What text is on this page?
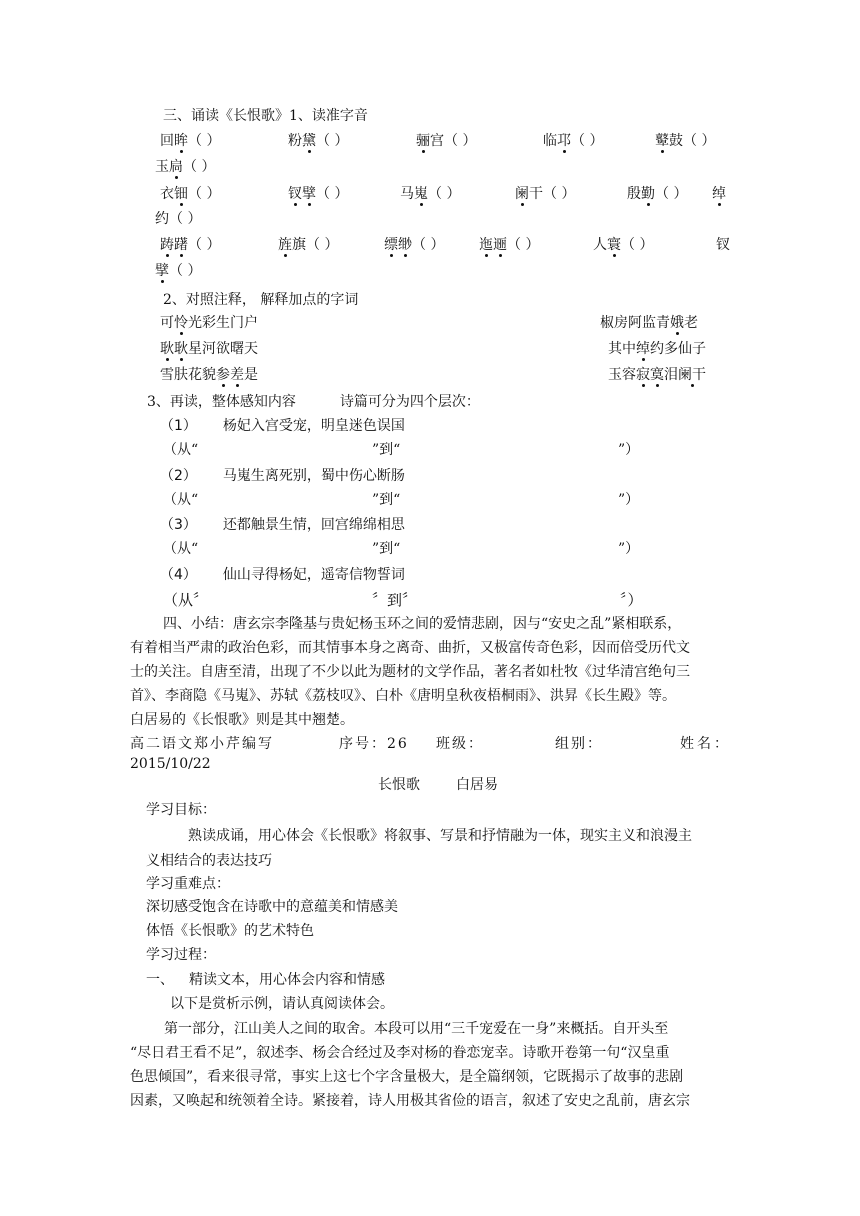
三、诵读《长恨歌》1、读准字音
回眸（ ）	粉黛（ ）	骊宫（ ）	临邛（ ）	鼙鼓（ ）
玉扃（ ）
衣钿（ ）	钗擘（ ）	马嵬（ ）	阑干（ ）	殷勤（ ） 绰
约（ ）
踌躇（ ）	旌旗（ ）	缥缈（ ） 迤逦（ ）	人寰（ ）	钗
擘（ ）
2、对照注释， 解释加点的字词
可怜光彩生门户	椒房阿监青娥老
耿耿星河欲曙天	其中绰约多仙子
雪肤花貌参差是	玉容寂寞泪阑干
3、再读，整体感知内容	诗篇可分为四个层次：
（1） 杨妃入宫受宠，明皇迷色误国
（从“	”到“	”）
（2） 马嵬生离死别，蜀中伤心断肠
（从“	”到“	”）
（3） 还都触景生情，回宫绵绵相思
（从“	”到“	”）
（4） 仙山寻得杨妃，遥寄信物誓词
（从〞	〞到〞	〞）
四、小结：唐玄宗李隆基与贵妃杨玉环之间的爱情悲剧，因与“安史之乱”紧相联系，
有着相当严肃的政治色彩，而其情事本身之离奇、曲折，又极富传奇色彩，因而倍受历代文
士的关注。自唐至清，出现了不少以此为题材的文学作品，著名者如杜牧《过华清宫绝句三
首》、李商隐《马嵬》、苏轼《荔枝叹》、白朴《唐明皇秋夜梧桐雨》、洪昇《长生殿》等。
白居易的《长恨歌》则是其中翘楚。
高二语文郑小芹编写	序号：26 班级：	组别：	姓名：
2015/10/22
长恨歌	白居易
学习目标：
熟读成诵，用心体会《长恨歌》将叙事、写景和抒情融为一体，现实主义和浪漫主
义相结合的表达技巧
学习重难点：
深切感受饱含在诗歌中的意蕴美和情感美
体悟《长恨歌》的艺术特色
学习过程：
一、 精读文本，用心体会内容和情感
以下是赏析示例，请认真阅读体会。
第一部分，江山美人之间的取舍。本段可以用“三千宠爱在一身”来概括。自开头至
“尽日君王看不足”，叙述李、杨会合经过及李对杨的眷恋宠幸。诗歌开卷第一句“汉皇重
色思倾国”，看来很寻常，事实上这七个字含量极大，是全篇纲领，它既揭示了故事的悲剧
因素，又唤起和统领着全诗。紧接着，诗人用极其省俭的语言，叙述了安史之乱前，唐玄宗
